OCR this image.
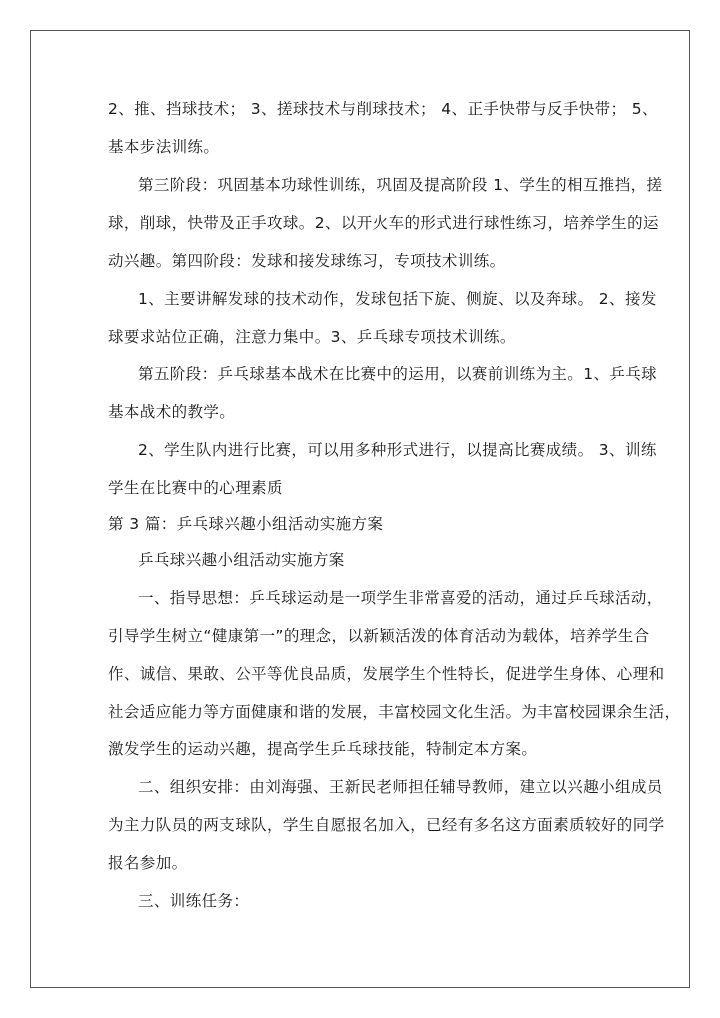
2、推、挡球技术； 3、搓球技术与削球技术； 4、正手快带与反手快带； 5、
基本步法训练。
第三阶段：巩固基本功球性训练，巩固及提高阶段 1、学生的相互推挡，搓
球，削球，快带及正手攻球。2、以开火车的形式进行球性练习，培养学生的运
动兴趣。第四阶段：发球和接发球练习，专项技术训练。
1、主要讲解发球的技术动作，发球包括下旋、侧旋、以及奔球。 2、接发
球要求站位正确，注意力集中。3、乒乓球专项技术训练。
第五阶段：乒乓球基本战术在比赛中的运用，以赛前训练为主。1、乒乓球
基本战术的教学。
2、学生队内进行比赛，可以用多种形式进行，以提高比赛成绩。 3、训练
学生在比赛中的心理素质
第 3 篇：乒乓球兴趣小组活动实施方案
乒乓球兴趣小组活动实施方案
一、指导思想：乒乓球运动是一项学生非常喜爱的活动，通过乒乓球活动，
引导学生树立“健康第一”的理念，以新颖活泼的体育活动为载体，培养学生合
作、诚信、果敢、公平等优良品质，发展学生个性特长，促进学生身体、心理和
社会适应能力等方面健康和谐的发展，丰富校园文化生活。为丰富校园课余生活，
激发学生的运动兴趣，提高学生乒乓球技能，特制定本方案。
二、组织安排：由刘海强、王新民老师担任辅导教师，建立以兴趣小组成员
为主力队员的两支球队，学生自愿报名加入，已经有多名这方面素质较好的同学
报名参加。
三、训练任务：
